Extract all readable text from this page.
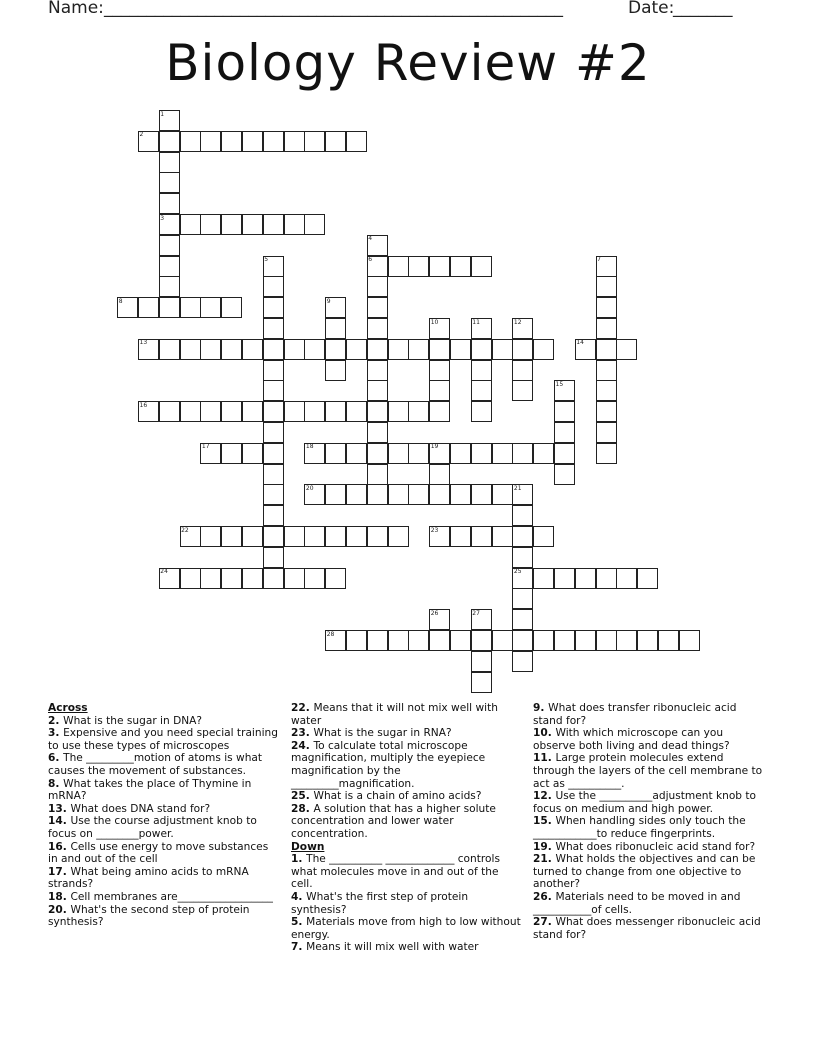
Name: ______________________________________________________	Date:
_______
Biology Review #2
2
3
6
8
13	14
16
17	18
20
22	23
24	25
28
1
4
5	7
9
10	11	12
15
19
21
26	27

Across

2. What is the sugar in DNA?

3. Expensive and you need special training to use these types of microscopes

6. The _________motion of atoms is what causes the movement of substances.

8. What takes the place of Thymine in mRNA?

13. What does DNA stand for?

14. Use the course adjustment knob to focus on ________power.

16. Cells use energy to move substances in and out of the cell

17. What being amino acids to mRNA strands?

18. Cell membranes are__________________

20. What's the second step of protein synthesis?

22. Means that it will not mix well with water

23. What is the sugar in RNA?

24. To calculate total microscope magnification, multiply the eyepiece magnification by the _________magnification.

25. What is a chain of amino acids?

28. A solution that has a higher solute concentration and lower water concentration.

Down

1. The __________ _____________ controls what molecules move in and out of the cell.

4. What's the first step of protein synthesis?

5. Materials move from high to low without energy.

7. Means it will mix well with water

9. What does transfer ribonucleic acid stand for?

10. With which microscope can you observe both living and dead things?

11. Large protein molecules extend through the layers of the cell membrane to act as __________.

12. Use the __________adjustment knob to focus on medium and high power.

15. When handling sides only touch the ____________to reduce fingerprints.

19. What does ribonucleic acid stand for?

21. What holds the objectives and can be turned to change from one objective to another?

26. Materials need to be moved in and ___________of cells.

27. What does messenger ribonucleic acid stand for?
